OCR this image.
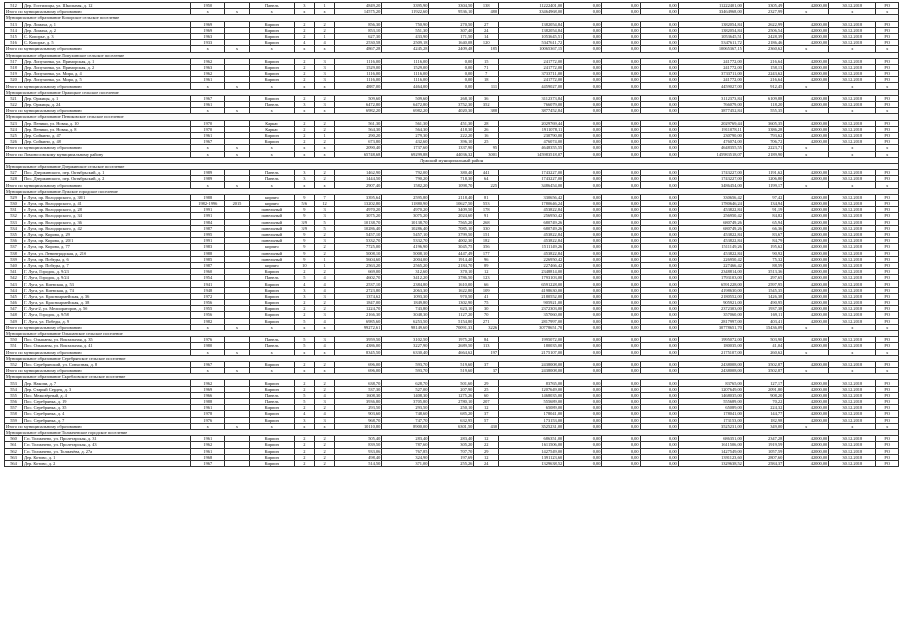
512	Дер. Гостилицы, ул. Школьная, д. 12	1950		Панель	3	1	4849,20	3395,90	3304,50	138	11222401,00	0,00	0,00	0,00	11222401,00	3305,49	42000,00	30.12.2018	РО
Итого по муниципальному образованию		x	x	x	x	x	14575,20	11922,60	9536,10	480	33464968,00	0,00	0,00	0,00	33464968,00	2327,99	x	x	x
Муниципальное образование Копорское сельское поселение																			
513	Дер. Ломаха, д. 1	1969		Кирпич	2	2	856,30	750,90	270,50	27	1382054,84	0,00	0,00	0,00	1382054,84	2622,99	42000,00	30.12.2018	РО
514	Дер. Ломаха, д. 2	1969		Кирпич	2	2	853,10	551,30	307,40	24	1382054,84	0,00	0,00	0,00	1382054,84	2506,54	42000,00	30.12.2018	РО
515	С. Копорье, д. 3	1963		Кирпич	2	1	627,30	433,90	171,50	14	1053645,51	0,00	0,00	0,00	1053645,51	2428,39	42000,00	30.12.2018	РО
516	С. Копорье, д. 5	1933		Кирпич	4	4	2530,58	2509,18	1640,08	120	5347611,72	0,00	0,00	0,00	5347611,72	2186,46	42000,00	30.12.2018	РО
Итого по муниципальному образованию		x	x	x	x	x	4867,28	4245,28	2409,48	185	10065367,15	0,00	0,00	0,00	10065367,15	2360,62	x	x	x
Муниципальное образование Лопухинское сельское поселение																			
517	Дер. Лопухинка, ул. Приморская, д. 1	1962		Кирпич	2	3	1116,00	1116,00	0,00	15	241772,00	0,00	0,00	0,00	241772,00	216,64	42000,00	30.12.2018	РО
518	Дер. Лопухинка, ул. Приморская, д. 2	1963		Кирпич	2	3	1529,00	1529,00	0,00	71	241772,00	0,00	0,00	0,00	241772,00	158,13	42000,00	30.12.2018	РО
519	Дер. Лопухинка, ул. Мира, д. 4	1962		Кирпич	2	3	1116,00	1116,00	0,00	7	3733711,00	0,00	0,00	0,00	3733711,00	2243,62	42000,00	30.12.2018	РО
520	Дер. Лопухинка, ул. Мира, д. 5	1961		Кирпич	2	3	1116,00	1116,00	0,00	18	241772,00	0,00	0,00	0,00	241772,00	216,64	42000,00	30.12.2018	РО
Итого по муниципальному образованию		x	x	x	x	x	4887,00	4464,00	0,00	111	4459027,00	0,00	0,00	0,00	4459027,00	912,45	x	x	x
Муниципальное образование Оржицкое сельское поселение																			
521	Дер. Оржицы, д. 1	1967		Кирпич	2	2	509,60	509,60	268,10	36	3112373,84	0,00	0,00	0,00	3112373,84	6109,88	42000,00	30.12.2018	РО
522	Дер. Оржицы, д. 24	1961		Панель	3	3	6472,80	6472,80	3752,30	352	766079,00	0,00	0,00	0,00	766079,00	118,20	42000,00	30.12.2018	РО
Итого по муниципальному образованию		x	x	x	x	x	6982,20	6982,20	4020,30	388	3877452,84	0,00	0,00	0,00	3877452,84	555,35	x	x	x
Муниципальное образование Пениковское сельское поселение																			
523	Дер. Пеники, ул. Новая, д. 10	1970		Каркас	2	2	561,30	561,30	451,30	28	2029769,44	0,00	0,00	0,00	2029769,44	3605,35	42000,00	30.12.2018	РО
524	Дер. Пеники, ул. Новая, д. 8	1970		Каркас	2	2	564,30	564,30	418,30	26	1911078,11	0,00	0,00	0,00	1911078,11	3386,28	42000,00	30.12.2018	РО
525	Дер. Сойкино, д. 47	1961		Кирпич	2	1	290,20	279,30	222,20	16	230790,00	0,00	0,00	0,00	230790,00	793,62	42000,00	30.12.2018	РО
526	Дер. Сойкино, д. 48	1967		Кирпич	2	2	673,80	432,60	396,10	25	476074,00	0,00	0,00	0,00	476074,00	706,72	42000,00	30.12.2018	РО
Итого по муниципальному образованию		x	x	x	x	x	2090,40	1737,60	1337,90	95	4648355,55	0,00	0,00	0,00	4648355,55	2223,71	x	x	x
Итого по Ломоносовскому муниципальному району		x	x	x	x	x	65748,68	69299,88	44036,32	3001	145983518,07	0,00	0,00	0,00	145983518,07	2189,90	x	x	x
Лужский муниципальный район																			
Муниципальное образование Дзержинское сельское поселение																			
527	Пос. Дзержинского, пер. Октябрьский, д. 1	1989		Панель	3	2	1462,90	792,00	380,40	441	1743227,00	0,00	0,00	0,00	1743227,00	1191,62	42000,00	30.12.2018	РО
528	Пос. Дзержинского, пер. Октябрьский, д. 2	1989		Панель	3	2	1444,50	790,20	718,30	64	1743227,00	0,00	0,00	0,00	1743227,00	1206,80	42000,00	30.12.2018	РО
Итого по муниципальному образованию		x	x	x	x	x	2907,40	1582,20	1098,70	225	3486454,00	0,00	0,00	0,00	3486454,00	1199,17	x	x	x
Муниципальное образование Лужское городское поселение																			
529	г. Луга, пр. Володарского, д. 38/1	1988		кирпич	9	7	3395,64	2595,80	2118,40	81	330656,42	0,00	0,00	0,00	330656,42	97,42	42000,00	30.12.2018	РО
530	г. Луга, пр. Володарского, д. 41	1982-1996	2015	кирпич	5/6	12	13202,80	11880,90	10627,50	553	1780646,24	0,00	0,00	0,00	1780646,24	134,94	42000,00	30.12.2018	РО
531	г. Луга, пр. Володарского, д. 28	1991		панельный	9	3	4970,20	4970,20	3409,50	178	453822,84	0,00	0,00	0,00	453822,84	91,19	42000,00	30.12.2018	РО
532	г. Луга, пр. Володарского, д. 34	1991		панельный	9	3	3075,20	3075,20	2024,60	91	256950,42	0,00	0,00	0,00	256950,42	84,82	42000,00	30.12.2018	РО
533	г. Луга, пр. Володарского, д. 36	1984		панельный	3/9	5	10138,70	10138,70	7565,20	268	680749,26	0,00	0,00	0,00	680749,26	65,94	42000,00	30.12.2018	РО
534	г. Луга, пр. Володарского, д. 42	1987		панельный	3/9	5	10286,40	10286,40	7085,10	330	680749,26	0,00	0,00	0,00	680749,26	66,36	42000,00	30.12.2018	РО
535	г. Луга, пр. Кирова, д. 29	1995		панельный	9	2	5457,10	5457,10	3799,50	151	453822,84	0,00	0,00	0,00	453822,84	83,67	42000,00	30.12.2018	РО
536	г. Луга, пр. Кирова, д. 20/1	1991		панельный	9	3	5332,70	5332,70	4002,30	182	453822,84	0,00	0,00	0,00	453822,84	84,79	42000,00	30.12.2018	РО
537	г. Луга, пр. Кирова, д. 77	1983		кирпич	9	2	7725,00	4196,90	3045,75	356	1511149,26	0,00	0,00	0,00	1511149,26	195,62	42000,00	30.12.2018	РО
538	г. Луга, ул. Ленинградская, д. 21б	1988		панельный	9	2	5008,10	5008,10	4447,49	177	453822,84	0,00	0,00	0,00	453822,84	90,92	42000,00	30.12.2018	РО
539	г. Луга, пр. Победы, д. 6	1985		панельный	9	1	5604,60	2004,00	1914,40	96	226950,42	0,00	0,00	0,00	226950,42	75,32	42000,00	30.12.2018	РО
540	г. Луга, пр. Победы, д. 7	1987		кирпич	10	1	2563,20	2565,20	2184,70	89	227466,42	0,00	0,00	0,00	227466,42	88,59	42000,00	30.12.2018	РО
541	Г. Луга, Городок, д. 9/23	1960		Кирпич	2	2	669,00	312,60	370,10	12	2348814,00	0,00	0,00	0,00	2348814,00	3513,36	42000,00	30.12.2018	РО
542	Г. Луга, Городок, д. 9/24	1954		Панель	5	4	4602,70	3412,20	3786,50	123	1793103,00	0,00	0,00	0,00	1793103,00	297,65	42000,00	30.12.2018	РО
543	Г. Луга, ул. Киевская, д. 53	1941		Кирпич	4	4	2537,10	2384,80	1610,00	66	6591228,00	0,00	0,00	0,00	6591228,00	2597,95	42000,00	30.12.2018	РО
544	Г. Луга, ул. Киевская, д. 74	1948		Кирпич	3	4	2723,80	2063,30	1622,80	109	4198630,00	0,00	0,00	0,00	4198630,00	1545,35	42000,00	30.12.2018	РО
545	Г. Луга, ул. Красноармейская, д. 36	1972		Кирпич	3	3	1374,62	1093,30	970,50	41	2180552,00	0,00	0,00	0,00	2180552,00	1426,38	42000,00	30.12.2018	РО
546	Г. Луга, ул. Красноармейская, д. 38	1956		Кирпич	2	2	1847,00	1849,80	1302,90	75	905921,00	0,00	0,00	0,00	905921,00	490,95	42000,00	30.12.2018	РО
547	Г. Луга-2, ул. Мелиораторов, д. 5б	1955		Кирпич	2	2	1224,70	743,80	623,10	30	2372303,00	0,00	0,00	0,00	2372303,00	1937,38	42000,00	30.12.2018	РО
548	Г. Луга, Городок, д. 9/58	1956		Кирпич	2	3	2166,30	3048,30	1127,20	70	357060,00	0,00	0,00	0,00	357060,00	169,11	42000,00	30.12.2018	РО
549	Г. Луга, ул. Победы, д. 9	1982		Кирпич	5	4	6985,60	6253,50	5154,80	271	2817997,00	0,00	0,00	0,00	2817997,00	403,41	42000,00	30.12.2018	РО
Итого по муниципальному образованию		x	x	x	x	x	99272,61	98149,60	70091,33	3226	30778651,70	0,00	0,00	0,00	30778651,70	15436,09	x	x	x
Муниципальное образование Ольшанское сельское поселение																			
550	Пос. Ольшаны, ул. Вокзальная, д. 35	1976		Панель	5	3	3959,50	3102,50	1975,20	84	1995072,00	0,00	0,00	0,00	1995072,00	503,90	42000,00	30.12.2018	РО
551	Пос. Ольшаны, ул. Вокзальная, д. 41	1980		Панель	5	4	4386,00	3227,90	2689,50	113	180035,00	0,00	0,00	0,00	180035,00	41,04	42000,00	30.12.2018	РО
Итого по муниципальному образованию		x	x	x	x	x	8345,50	6330,40	4664,62	197	2175107,00	0,00	0,00	0,00	2175107,00	260,62	x	x	x
Муниципальное образование Серебрянское сельское поселение																			
552	Пос. Серебрянский, ул. Совхозная, д. 8	1967		Кирпич	2	2	696,00	593,70	519,60	37	2438008,00	0,00	0,00	0,00	2438008,00	3502,87	42000,00	30.12.2018	РО
Итого по муниципальному образованию		x	x	x	x	x	696,00	593,70	519,60	37	2438008,00	0,00	0,00	0,00	2438008,00	3502,87	x	x	x
Муниципальное образование Скребловское сельское поселение																			
553	Дер. Накопи, д. 7	1962		Кирпич	2	2	638,70	628,70	501,60	29	83765,00	0,00	0,00	0,00	83765,00	127,17	42000,00	30.12.2018	РО
554	Дер. Старый Сердец, д. 3	1969		Кирпич	2	2	537,30	527,00	207,90	25	1207649,00	0,00	0,00	0,00	1207649,00	2091,80	42000,00	30.12.2018	РО
555	Пос. Межозёрный, д. 4	1966		Панель	5	4	1608,30	1408,30	1275,26	60	1468035,00	0,00	0,00	0,00	1468035,00	908,20	42000,00	30.12.2018	РО
556	Пос. Серебрянка, д. 19	1988		Панель	5	3	3936,80	3705,80	2780,10	207	555689,00	0,00	0,00	0,00	555689,00	70,22	42000,00	30.12.2018	РО
557	Пос. Серебрянка, д. 35	1961		Кирпич	2	2	293,50	293,50	250,10	12	65089,00	0,00	0,00	0,00	65089,00	224,32	42000,00	30.12.2018	РО
558	Пос. Серебрянка, д. 4	1978		Кирпич	4	4	903,60	748,60	685,20	37	178041,00	0,00	0,00	0,00	178041,00	144,77	42000,00	30.12.2018	РО
559	Пос. Серебрянка, д. 7	1976		Кирпич	3	3	968,70	747,70	632,95	57	173153,00	0,00	0,00	0,00	173153,00	182,98	42000,00	30.12.2018	РО
Итого по муниципальному образованию		x	x	x	x	x	10110,80	8900,00	6301,50	430	3525231,00	0,00	0,00	0,00	3525231,00	349,00	x	x	x
Муниципальное образование Толмачевское городское поселение																			
560	Г.п. Толмачево, ул. Пролетарская, д. 31	1961		Кирпич	2	2	505,40	283,40	283,40	12	686351,00	0,00	0,00	0,00	686351,00	2347,28	42000,00	30.12.2018	РО
561	Г.п. Толмачево, ул. Пролетарская, д. 43	1962		Кирпич	2	2	839,50	787,60	305,20	22	1611506,00	0,00	0,00	0,00	1611506,00	1919,59	42000,00	30.12.2018	РО
562	Г.п. Толмачево, ул. Толмачёва, д. 27а	1961		Кирпич	2	2	933,06	767,85	707,70	29	1427549,00	0,00	0,00	0,00	1427549,00	1057,59	42000,00	30.12.2018	РО
563	Дер. Котово, д. 1	1968		Кирпич	2	2	498,40	324,90	197,69	12	1391123,60	0,00	0,00	0,00	1391123,60	2807,60	42000,00	30.12.2018	РО
564	Дер. Котово, д. 2	1967		Кирпич	2	2	514,50	371,00	255,26	24	1329638,52	0,00	0,00	0,00	1329638,52	2584,37	42000,00	30.12.2018	РО
